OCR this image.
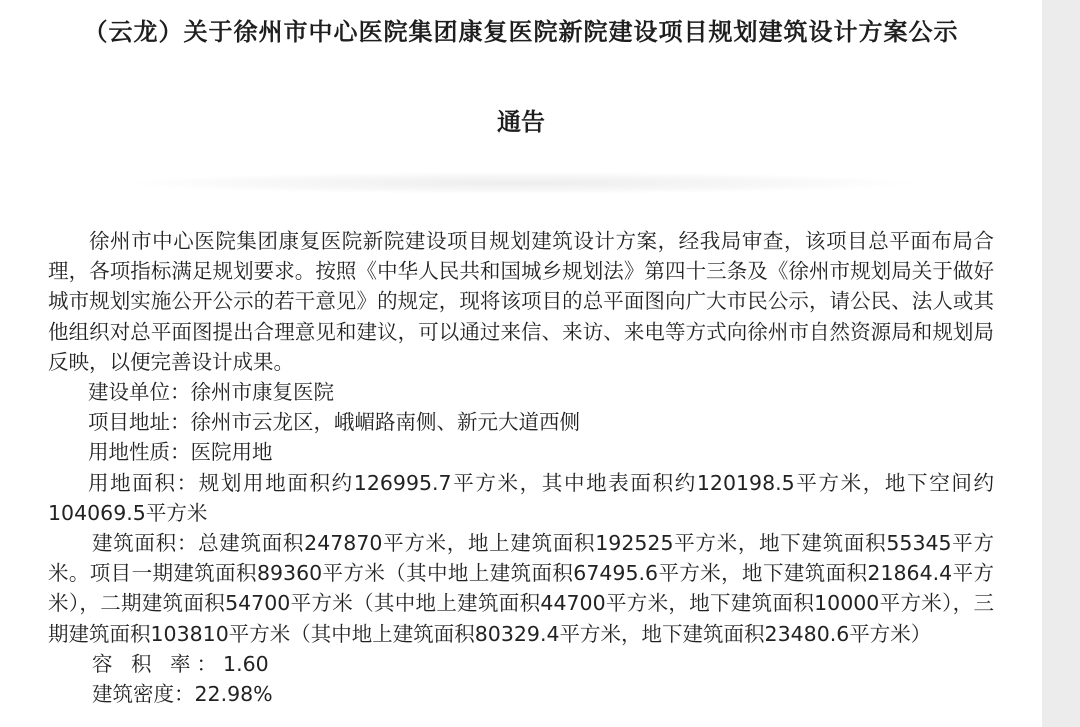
（云龙）关于徐州市中心医院集团康复医院新院建设项目规划建筑设计方案公示
通告

徐州市中心医院集团康复医院新院建设项目规划建筑设计方案，经我局审查，该项目总平面布局合理，各项指标满足规划要求。按照《中华人民共和国城乡规划法》第四十三条及《徐州市规划局关于做好城市规划实施公开公示的若干意见》的规定，现将该项目的总平面图向广大市民公示，请公民、法人或其他组织对总平面图提出合理意见和建议，可以通过来信、来访、来电等方式向徐州市自然资源局和规划局反映，以便完善设计成果。

建设单位：徐州市康复医院

项目地址：徐州市云龙区，峨嵋路南侧、新元大道西侧

用地性质：医院用地

用地面积：规划用地面积约126995.7平方米，其中地表面积约120198.5平方米，地下空间约104069.5平方米

建筑面积：总建筑面积247870平方米，地上建筑面积192525平方米，地下建筑面积55345平方米。项目一期建筑面积89360平方米（其中地上建筑面积67495.6平方米，地下建筑面积21864.4平方米），二期建筑面积54700平方米（其中地上建筑面积44700平方米，地下建筑面积10000平方米），三期建筑面积103810平方米（其中地上建筑面积80329.4平方米，地下建筑面积23480.6平方米）

容 积 率：1.60

建筑密度：22.98%
